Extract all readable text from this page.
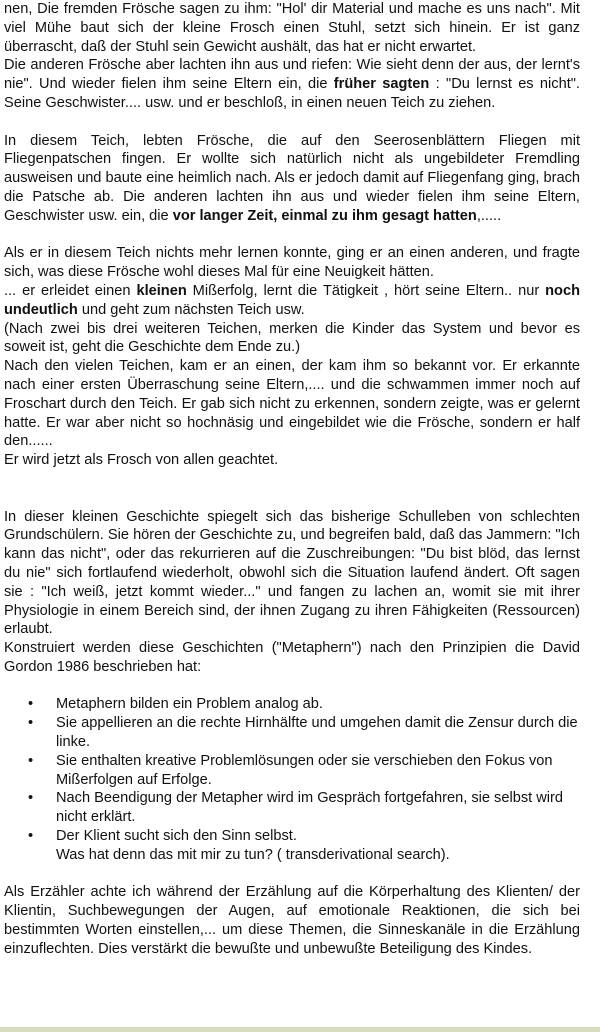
nen, Die fremden Frösche sagen zu ihm: "Hol' dir Material und mache es uns nach". Mit viel Mühe baut sich der kleine Frosch einen Stuhl, setzt sich hinein. Er ist ganz überrascht, daß der Stuhl sein Gewicht aushält, das hat er nicht erwartet.

Die anderen Frösche aber lachten ihn aus und riefen: Wie sieht denn der aus, der lernt's nie". Und wieder fielen ihm seine Eltern ein, die früher sagten : "Du lernst es nicht". Seine Geschwister.... usw. und er beschloß, in einen neuen Teich zu ziehen.

In diesem Teich, lebten Frösche, die auf den Seerosenblättern Fliegen mit Fliegenpatschen fingen. Er wollte sich natürlich nicht als ungebildeter Fremdling ausweisen und baute eine heimlich nach. Als er jedoch damit auf Fliegenfang ging, brach die Patsche ab. Die anderen lachten ihn aus und wieder fielen ihm seine Eltern, Geschwister usw. ein, die vor langer Zeit, einmal zu ihm gesagt hatten,.....

Als er in diesem Teich nichts mehr lernen konnte, ging er an einen anderen, und fragte sich, was diese Frösche wohl dieses Mal für eine Neuigkeit hätten.

... er erleidet einen kleinen Mißerfolg, lernt die Tätigkeit , hört seine Eltern.. nur noch undeutlich und geht zum nächsten Teich usw.

(Nach zwei bis drei weiteren Teichen, merken die Kinder das System und bevor es soweit ist, geht die Geschichte dem Ende zu.)

Nach den vielen Teichen, kam er an einen, der kam ihm so bekannt vor. Er erkannte nach einer ersten Überraschung seine Eltern,.... und die schwammen immer noch auf Froschart durch den Teich. Er gab sich nicht zu erkennen, sondern zeigte, was er gelernt hatte. Er war aber nicht so hochnäsig und eingebildet wie die Frösche, sondern er half den......

Er wird jetzt als Frosch von allen geachtet.

In dieser kleinen Geschichte spiegelt sich das bisherige Schulleben von schlechten Grundschülern. Sie hören der Geschichte zu, und begreifen bald, daß das Jammern: "Ich kann das nicht", oder das rekurrieren auf die Zuschreibungen: "Du bist blöd, das lernst du nie" sich fortlaufend wiederholt, obwohl sich die Situation laufend ändert. Oft sagen sie : "Ich weiß, jetzt kommt wieder..." und fangen zu lachen an, womit sie mit ihrer Physiologie in einem Bereich sind, der ihnen Zugang zu ihren Fähigkeiten (Ressourcen) erlaubt.

Konstruiert werden diese Geschichten ("Metaphern") nach den Prinzipien die David Gordon 1986 beschrieben hat:

• Metaphern bilden ein Problem analog ab.
• Sie appellieren an die rechte Hirnhälfte und umgehen damit die Zensur durch die linke.
• Sie enthalten kreative Problemlösungen oder sie verschieben den Fokus von Mißerfolgen auf Erfolge.
• Nach Beendigung der Metapher wird im Gespräch fortgefahren, sie selbst wird nicht erklärt.
• Der Klient sucht sich den Sinn selbst.
Was hat denn das mit mir zu tun? ( transderivational search).

Als Erzähler achte ich während der Erzählung auf die Körperhaltung des Klienten/ der Klientin, Suchbewegungen der Augen, auf emotionale Reaktionen, die sich bei bestimmten Worten einstellen,... um diese Themen, die Sinneskanäle in die Erzählung einzuflechten. Dies verstärkt die bewußte und unbewußte Beteiligung des Kindes.
